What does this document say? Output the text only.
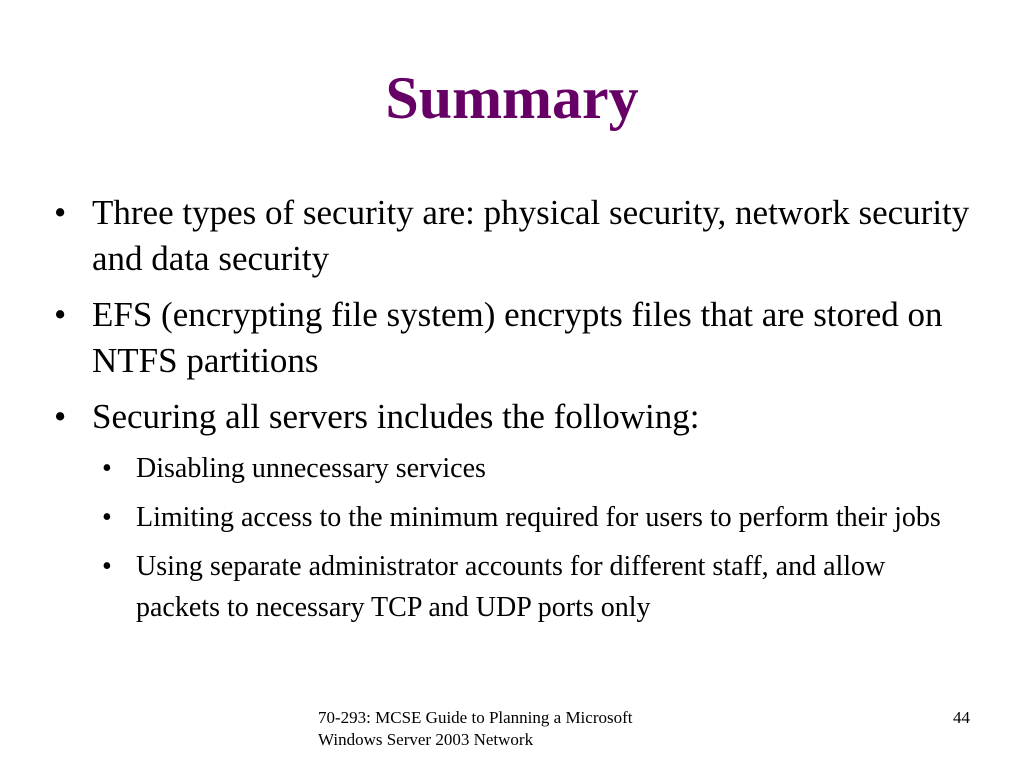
Summary
• Three types of security are: physical security, network security and data security
• EFS (encrypting file system) encrypts files that are stored on NTFS partitions
• Securing all servers includes the following:
• Disabling unnecessary services
• Limiting access to the minimum required for users to perform their jobs
• Using separate administrator accounts for different staff, and allow packets to necessary TCP and UDP ports only
70-293: MCSE Guide to Planning a Microsoft
Windows Server 2003 Network
44
